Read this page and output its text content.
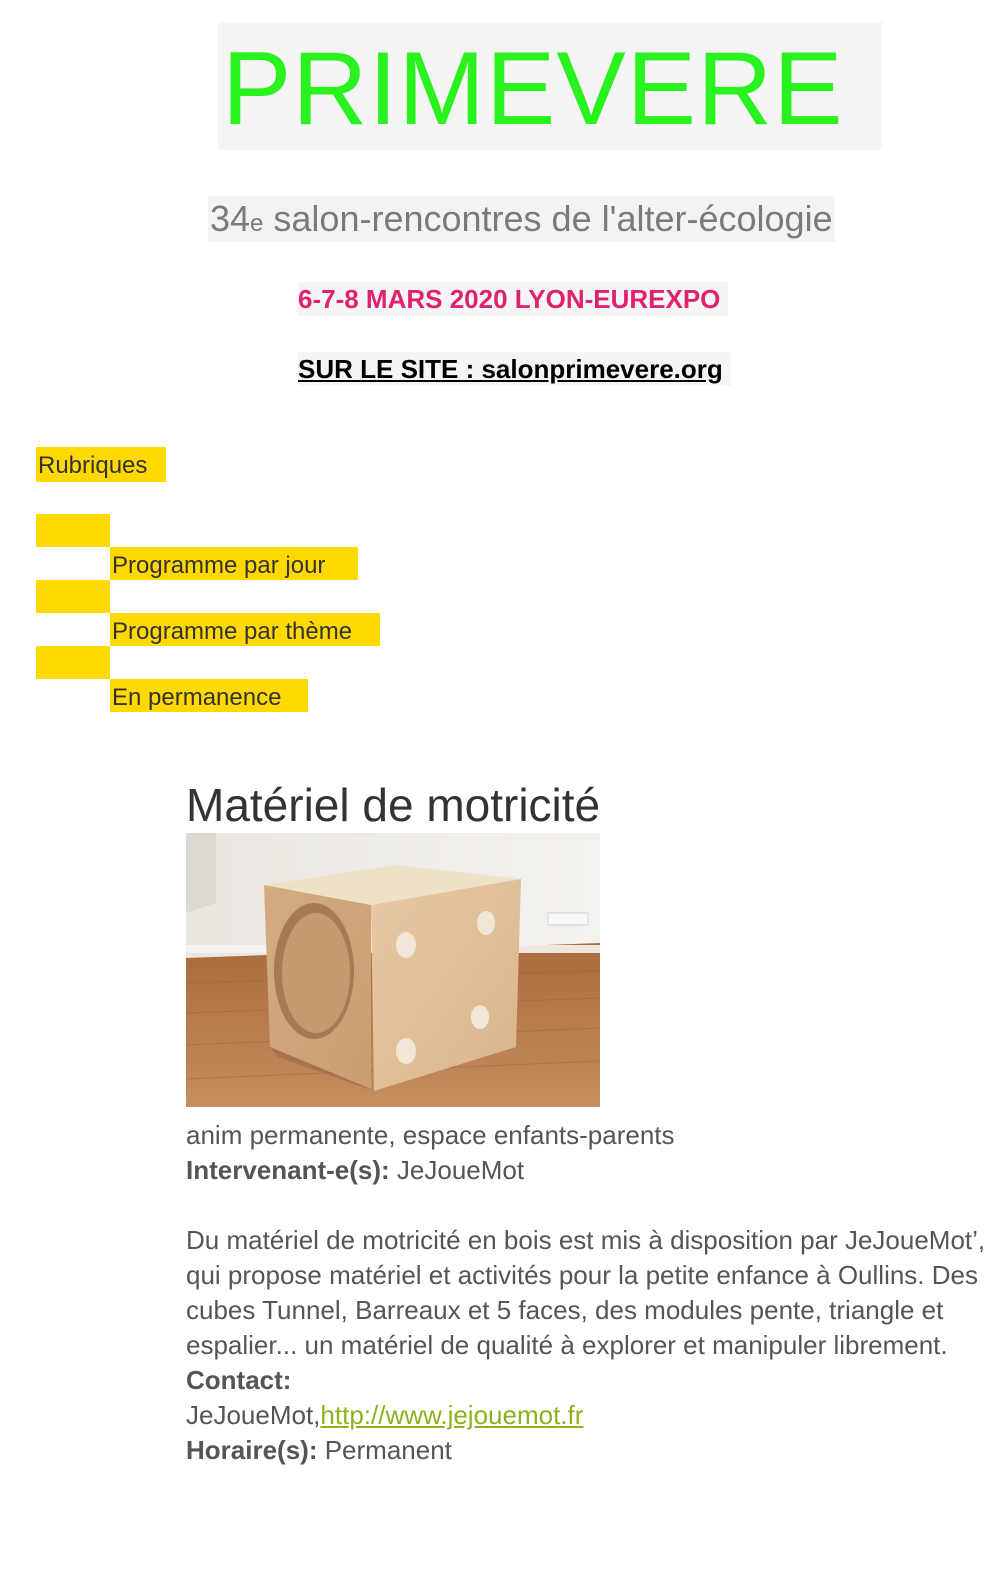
PRIMEVERE
34e salon-rencontres de l'alter-écologie
6-7-8 MARS 2020 LYON-EUREXPO
SUR LE SITE : salonprimevere.org
Rubriques
Programme par jour
Programme par thème
En permanence
Matériel de motricité

anim permanente, espace enfants-parents

Intervenant-e(s): JeJoueMot

Du matériel de motricité en bois est mis à disposition par JeJoueMot’, qui propose matériel et activités pour la petite enfance à Oullins. Des cubes Tunnel, Barreaux et 5 faces, des modules pente, triangle et espalier... un matériel de qualité à explorer et manipuler librement.

Contact:

JeJoueMot,http://www.jejouemot.fr

Horaire(s): Permanent
